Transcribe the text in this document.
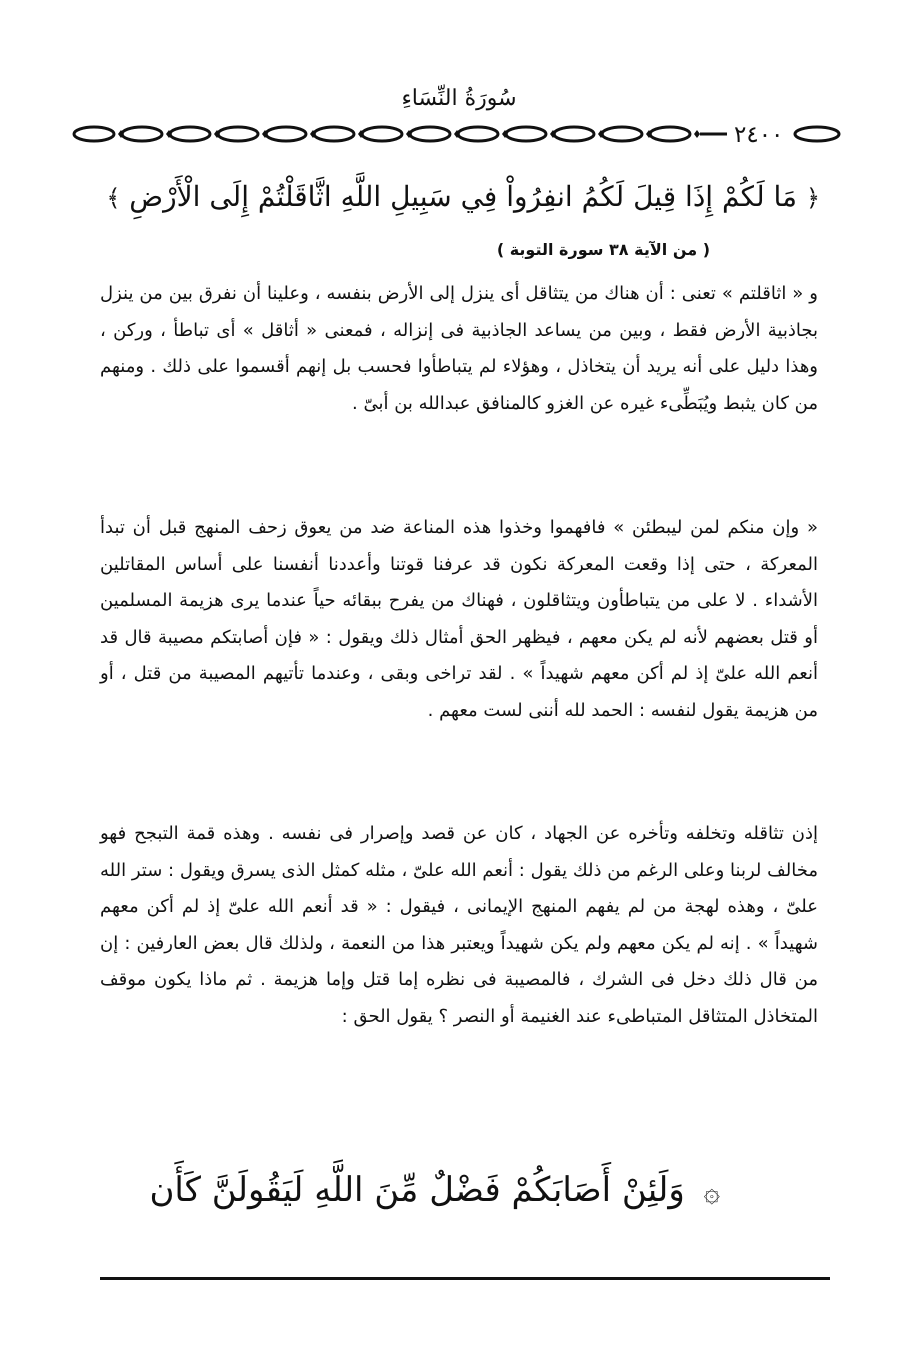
سُورَةُ النِّسَاءِ
٢٤٠٠
﴿ مَا لَكُمْ إِذَا قِيلَ لَكُمُ انفِرُواْ فِي سَبِيلِ اللَّهِ اثَّاقَلْتُمْ إِلَى الْأَرْضِ ﴾
( من الآية ٣٨ سورة التوبة )

و « اثاقلتم » تعنى : أن هناك من يتثاقل أى ينزل إلى الأرض بنفسه ، وعلينا أن نفرق بين من ينزل بجاذبية الأرض فقط ، وبين من يساعد الجاذبية فى إنزاله ، فمعنى « أثاقل » أى تباطأ ، وركن ، وهذا دليل على أنه يريد أن يتخاذل ، وهؤلاء لم يتباطأوا فحسب بل إنهم أقسموا على ذلك . ومنهم من كان يثبط ويُبَطِّىء غيره عن الغزو كالمنافق عبدالله بن أبىّ .

« وإن منكم لمن ليبطئن » فافهموا وخذوا هذه المناعة ضد من يعوق زحف المنهج قبل أن تبدأ المعركة ، حتى إذا وقعت المعركة نكون قد عرفنا قوتنا وأعددنا أنفسنا على أساس المقاتلين الأشداء . لا على من يتباطأون ويتثاقلون ، فهناك من يفرح ببقائه حياً عندما يرى هزيمة المسلمين أو قتل بعضهم لأنه لم يكن معهم ، فيظهر الحق أمثال ذلك ويقول : « فإن أصابتكم مصيبة قال قد أنعم الله علىّ إذ لم أكن معهم شهيداً » . لقد تراخى وبقى ، وعندما تأتيهم المصيبة من قتل ، أو من هزيمة يقول لنفسه : الحمد لله أننى لست معهم .

إذن تثاقله وتخلفه وتأخره عن الجهاد ، كان عن قصد وإصرار فى نفسه . وهذه قمة التبجح فهو مخالف لربنا وعلى الرغم من ذلك يقول : أنعم الله علىّ ، مثله كمثل الذى يسرق ويقول : ستر الله علىّ ، وهذه لهجة من لم يفهم المنهج الإيمانى ، فيقول : « قد أنعم الله علىّ إذ لم أكن معهم شهيداً » . إنه لم يكن معهم ولم يكن شهيداً ويعتبر هذا من النعمة ، ولذلك قال بعض العارفين : إن من قال ذلك دخل فى الشرك ، فالمصيبة فى نظره إما قتل وإما هزيمة . ثم ماذا يكون موقف المتخاذل المتثاقل المتباطىء عند الغنيمة أو النصر ؟ يقول الحق :

۞ وَلَئِنْ أَصَابَكُمْ فَضْلٌ مِّنَ اللَّهِ لَيَقُولَنَّ كَأَن
